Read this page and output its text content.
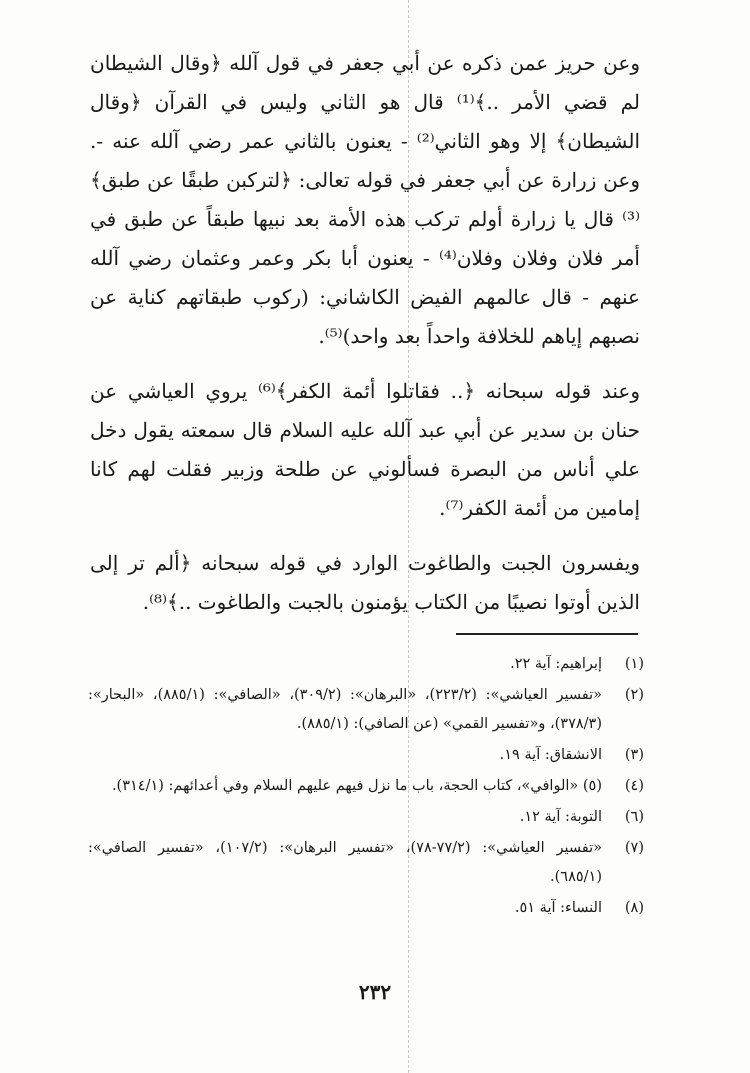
وعن حريز عمن ذكره عن أبي جعفر في قول آلله ﴿وقال الشيطان لم قضي الأمر ..﴾⁽¹⁾ قال هو الثاني وليس في القرآن ﴿وقال الشيطان﴾ إلا وهو الثاني⁽²⁾ - يعنون بالثاني عمر رضي آلله عنه -. وعن زرارة عن أبي جعفر في قوله تعالى: ﴿لتركبن طبقًا عن طبق﴾⁽³⁾ قال يا زرارة أولم تركب هذه الأمة بعد نبيها طبقاً عن طبق في أمر فلان وفلان وفلان⁽⁴⁾ - يعنون أبا بكر وعمر وعثمان رضي آلله عنهم - قال عالمهم الفيض الكاشاني: (ركوب طبقاتهم كناية عن نصبهم إياهم للخلافة واحداً بعد واحد)⁽⁵⁾.

وعند قوله سبحانه ﴿.. فقاتلوا أئمة الكفر﴾⁽⁶⁾ يروي العياشي عن حنان بن سدير عن أبي عبد آلله عليه السلام قال سمعته يقول دخل علي أناس من البصرة فسألوني عن طلحة وزبير فقلت لهم كانا إمامين من أئمة الكفر⁽⁷⁾.

ويفسرون الجبت والطاغوت الوارد في قوله سبحانه ﴿ألم تر إلى الذين أوتوا نصيبًا من الكتاب يؤمنون بالجبت والطاغوت ..﴾⁽⁸⁾.

(١)
إبراهيم: آية ٢٢.
(٢)
«تفسير العياشي»: (٢٢٣/٢)، «البرهان»: (٣٠٩/٢)، «الصافي»: (٨٨٥/١)، «البحار»: (٣٧٨/٣)، و«تفسير القمي» (عن الصافي): (٨٨٥/١).
(٣)
الانشقاق: آية ١٩.
(٤)
(٥) «الوافي»، كتاب الحجة، باب ما نزل فيهم عليهم السلام وفي أعدائهم: (٣١٤/١).
(٦)
التوبة: آية ١٢.
(٧)
«تفسير العياشي»: (٧٧/٢-٧٨)، «تفسير البرهان»: (١٠٧/٢)، «تفسير الصافي»: (٦٨٥/١).
(٨)
النساء: آية ٥١.
٢٣٢
